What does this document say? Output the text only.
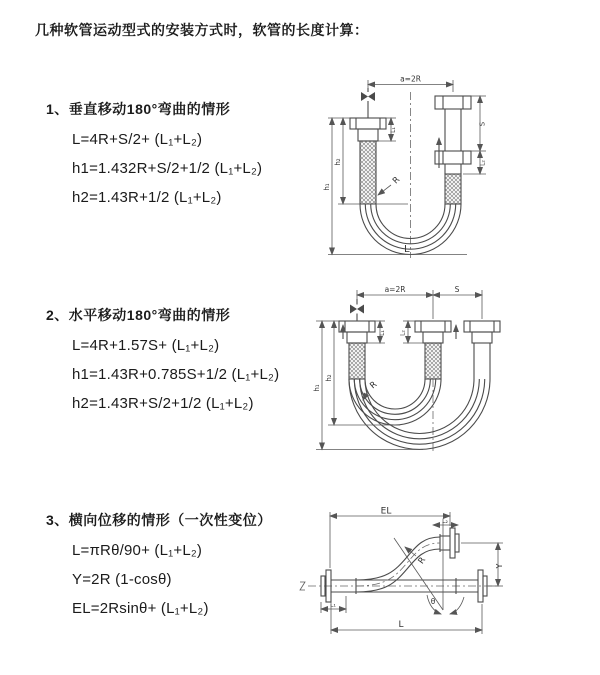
几种软管运动型式的安装方式时，软管的长度计算：
1、垂直移动180°弯曲的情形
L=4R+S/2+ (L₁+L₂)
h1=1.432R+S/2+1/2 (L₁+L₂)
h2=1.43R+1/2 (L₁+L₂)
2、水平移动180°弯曲的情形
L=4R+1.57S+ (L₁+L₂)
h1=1.43R+0.785S+1/2 (L₁+L₂)
h2=1.43R+S/2+1/2 (L₁+L₂)
3、横向位移的情形（一次性变位）
L=πRθ/90+ (L₁+L₂)
Y=2R (1-cosθ)
EL=2Rsinθ+ (L₁+L₂)
a=2R
h₁
h₂
L₁
S
L₂
R
L
a=2R	S
h₁
h₂
L₁ L₂
R
EL
L₂
Y
R
θ
L₁
L
